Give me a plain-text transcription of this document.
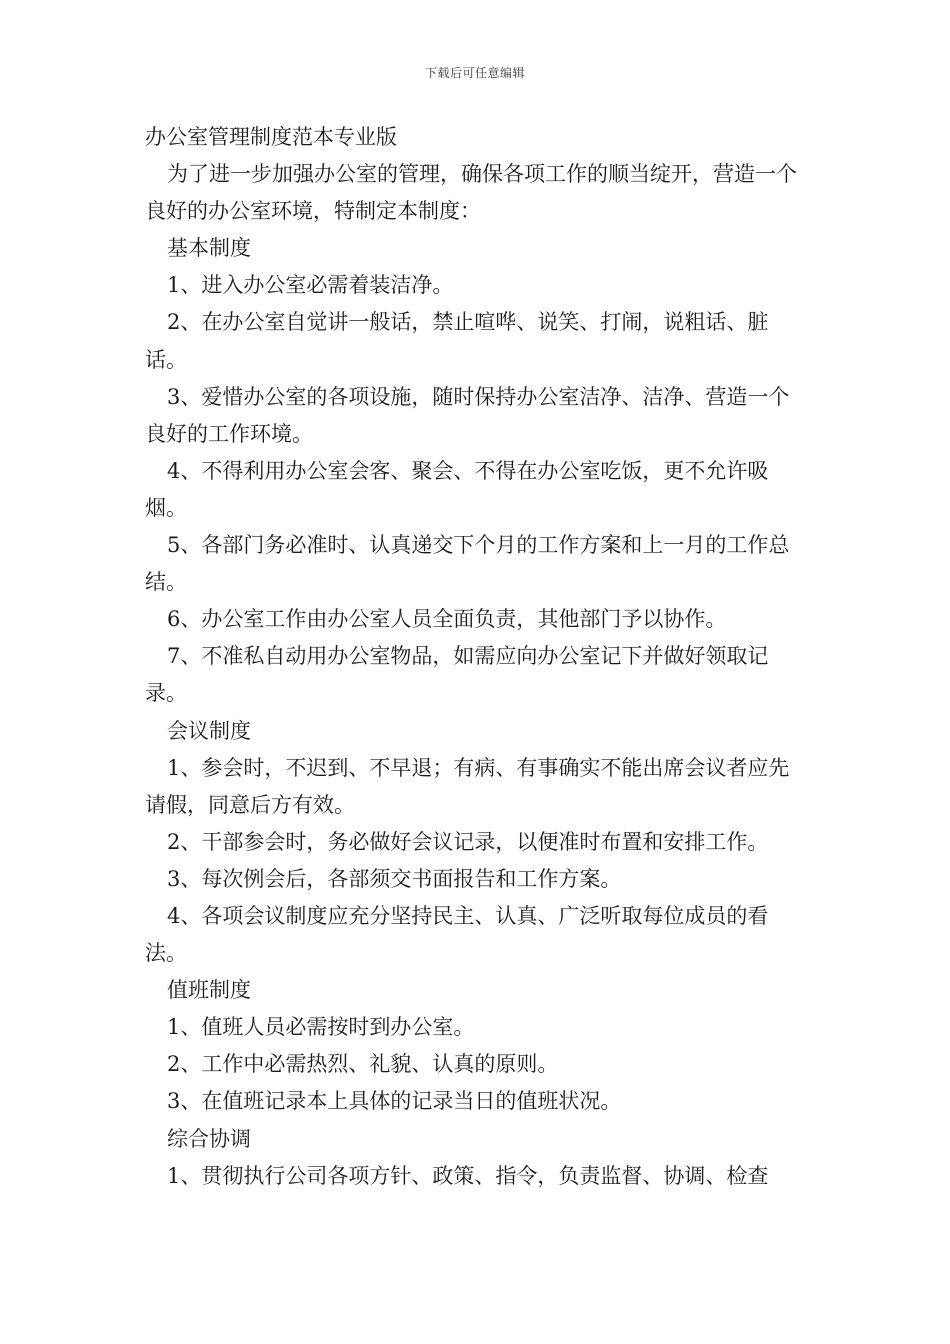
下载后可任意编辑

办公室管理制度范本专业版

为了进一步加强办公室的管理，确保各项工作的顺当绽开，营造一个良好的办公室环境，特制定本制度：

基本制度

1、进入办公室必需着装洁净。

2、在办公室自觉讲一般话，禁止喧哗、说笑、打闹，说粗话、脏话。

3、爱惜办公室的各项设施，随时保持办公室洁净、洁净、营造一个良好的工作环境。

4、不得利用办公室会客、聚会、不得在办公室吃饭，更不允许吸烟。

5、各部门务必准时、认真递交下个月的工作方案和上一月的工作总结。

6、办公室工作由办公室人员全面负责，其他部门予以协作。

7、不准私自动用办公室物品，如需应向办公室记下并做好领取记录。

会议制度

1、参会时，不迟到、不早退；有病、有事确实不能出席会议者应先请假，同意后方有效。

2、干部参会时，务必做好会议记录，以便准时布置和安排工作。

3、每次例会后，各部须交书面报告和工作方案。

4、各项会议制度应充分坚持民主、认真、广泛听取每位成员的看法。

值班制度

1、值班人员必需按时到办公室。

2、工作中必需热烈、礼貌、认真的原则。

3、在值班记录本上具体的记录当日的值班状况。

综合协调

1、贯彻执行公司各项方针、政策、指令，负责监督、协调、检查
